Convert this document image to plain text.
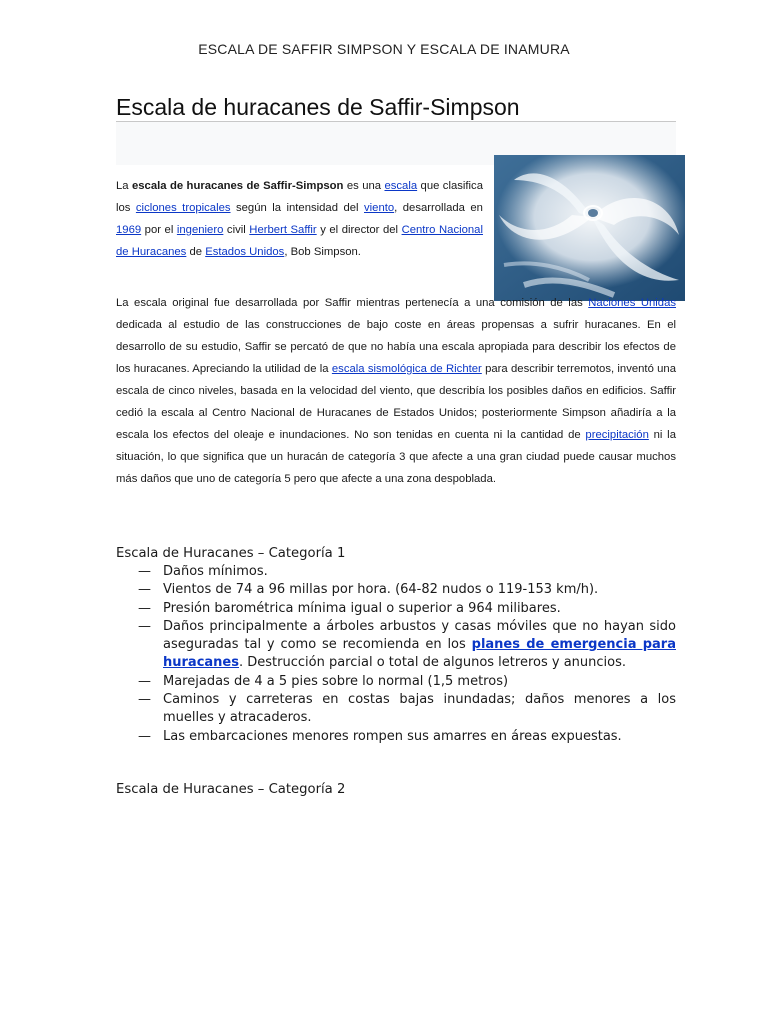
ESCALA DE SAFFIR SIMPSON Y ESCALA DE INAMURA
Escala de huracanes de Saffir-Simpson

La escala de huracanes de Saffir-Simpson es una escala que clasifica los ciclones tropicales según la intensidad del viento, desarrollada en 1969 por el ingeniero civil Herbert Saffir y el director del Centro Nacional de Huracanes de Estados Unidos, Bob Simpson.

La escala original fue desarrollada por Saffir mientras pertenecía a una comisión de las Naciones Unidas dedicada al estudio de las construcciones de bajo coste en áreas propensas a sufrir huracanes. En el desarrollo de su estudio, Saffir se percató de que no había una escala apropiada para describir los efectos de los huracanes. Apreciando la utilidad de la escala sismológica de Richter para describir terremotos, inventó una escala de cinco niveles, basada en la velocidad del viento, que describía los posibles daños en edificios. Saffir cedió la escala al Centro Nacional de Huracanes de Estados Unidos; posteriormente Simpson añadiría a la escala los efectos del oleaje e inundaciones. No son tenidas en cuenta ni la cantidad de precipitación ni la situación, lo que significa que un huracán de categoría 3 que afecte a una gran ciudad puede causar muchos más daños que uno de categoría 5 pero que afecte a una zona despoblada.

Escala de Huracanes – Categoría 1
— Daños mínimos.
— Vientos de 74 a 96 millas por hora. (64-82 nudos o 119-153 km/h).
— Presión barométrica mínima igual o superior a 964 milibares.
— Daños principalmente a árboles arbustos y casas móviles que no hayan sido aseguradas tal y como se recomienda en los planes de emergencia para huracanes. Destrucción parcial o total de algunos letreros y anuncios.
— Marejadas de 4 a 5 pies sobre lo normal (1,5 metros)
— Caminos y carreteras en costas bajas inundadas; daños menores a los muelles y atracaderos.
— Las embarcaciones menores rompen sus amarres en áreas expuestas.
Escala de Huracanes – Categoría 2
